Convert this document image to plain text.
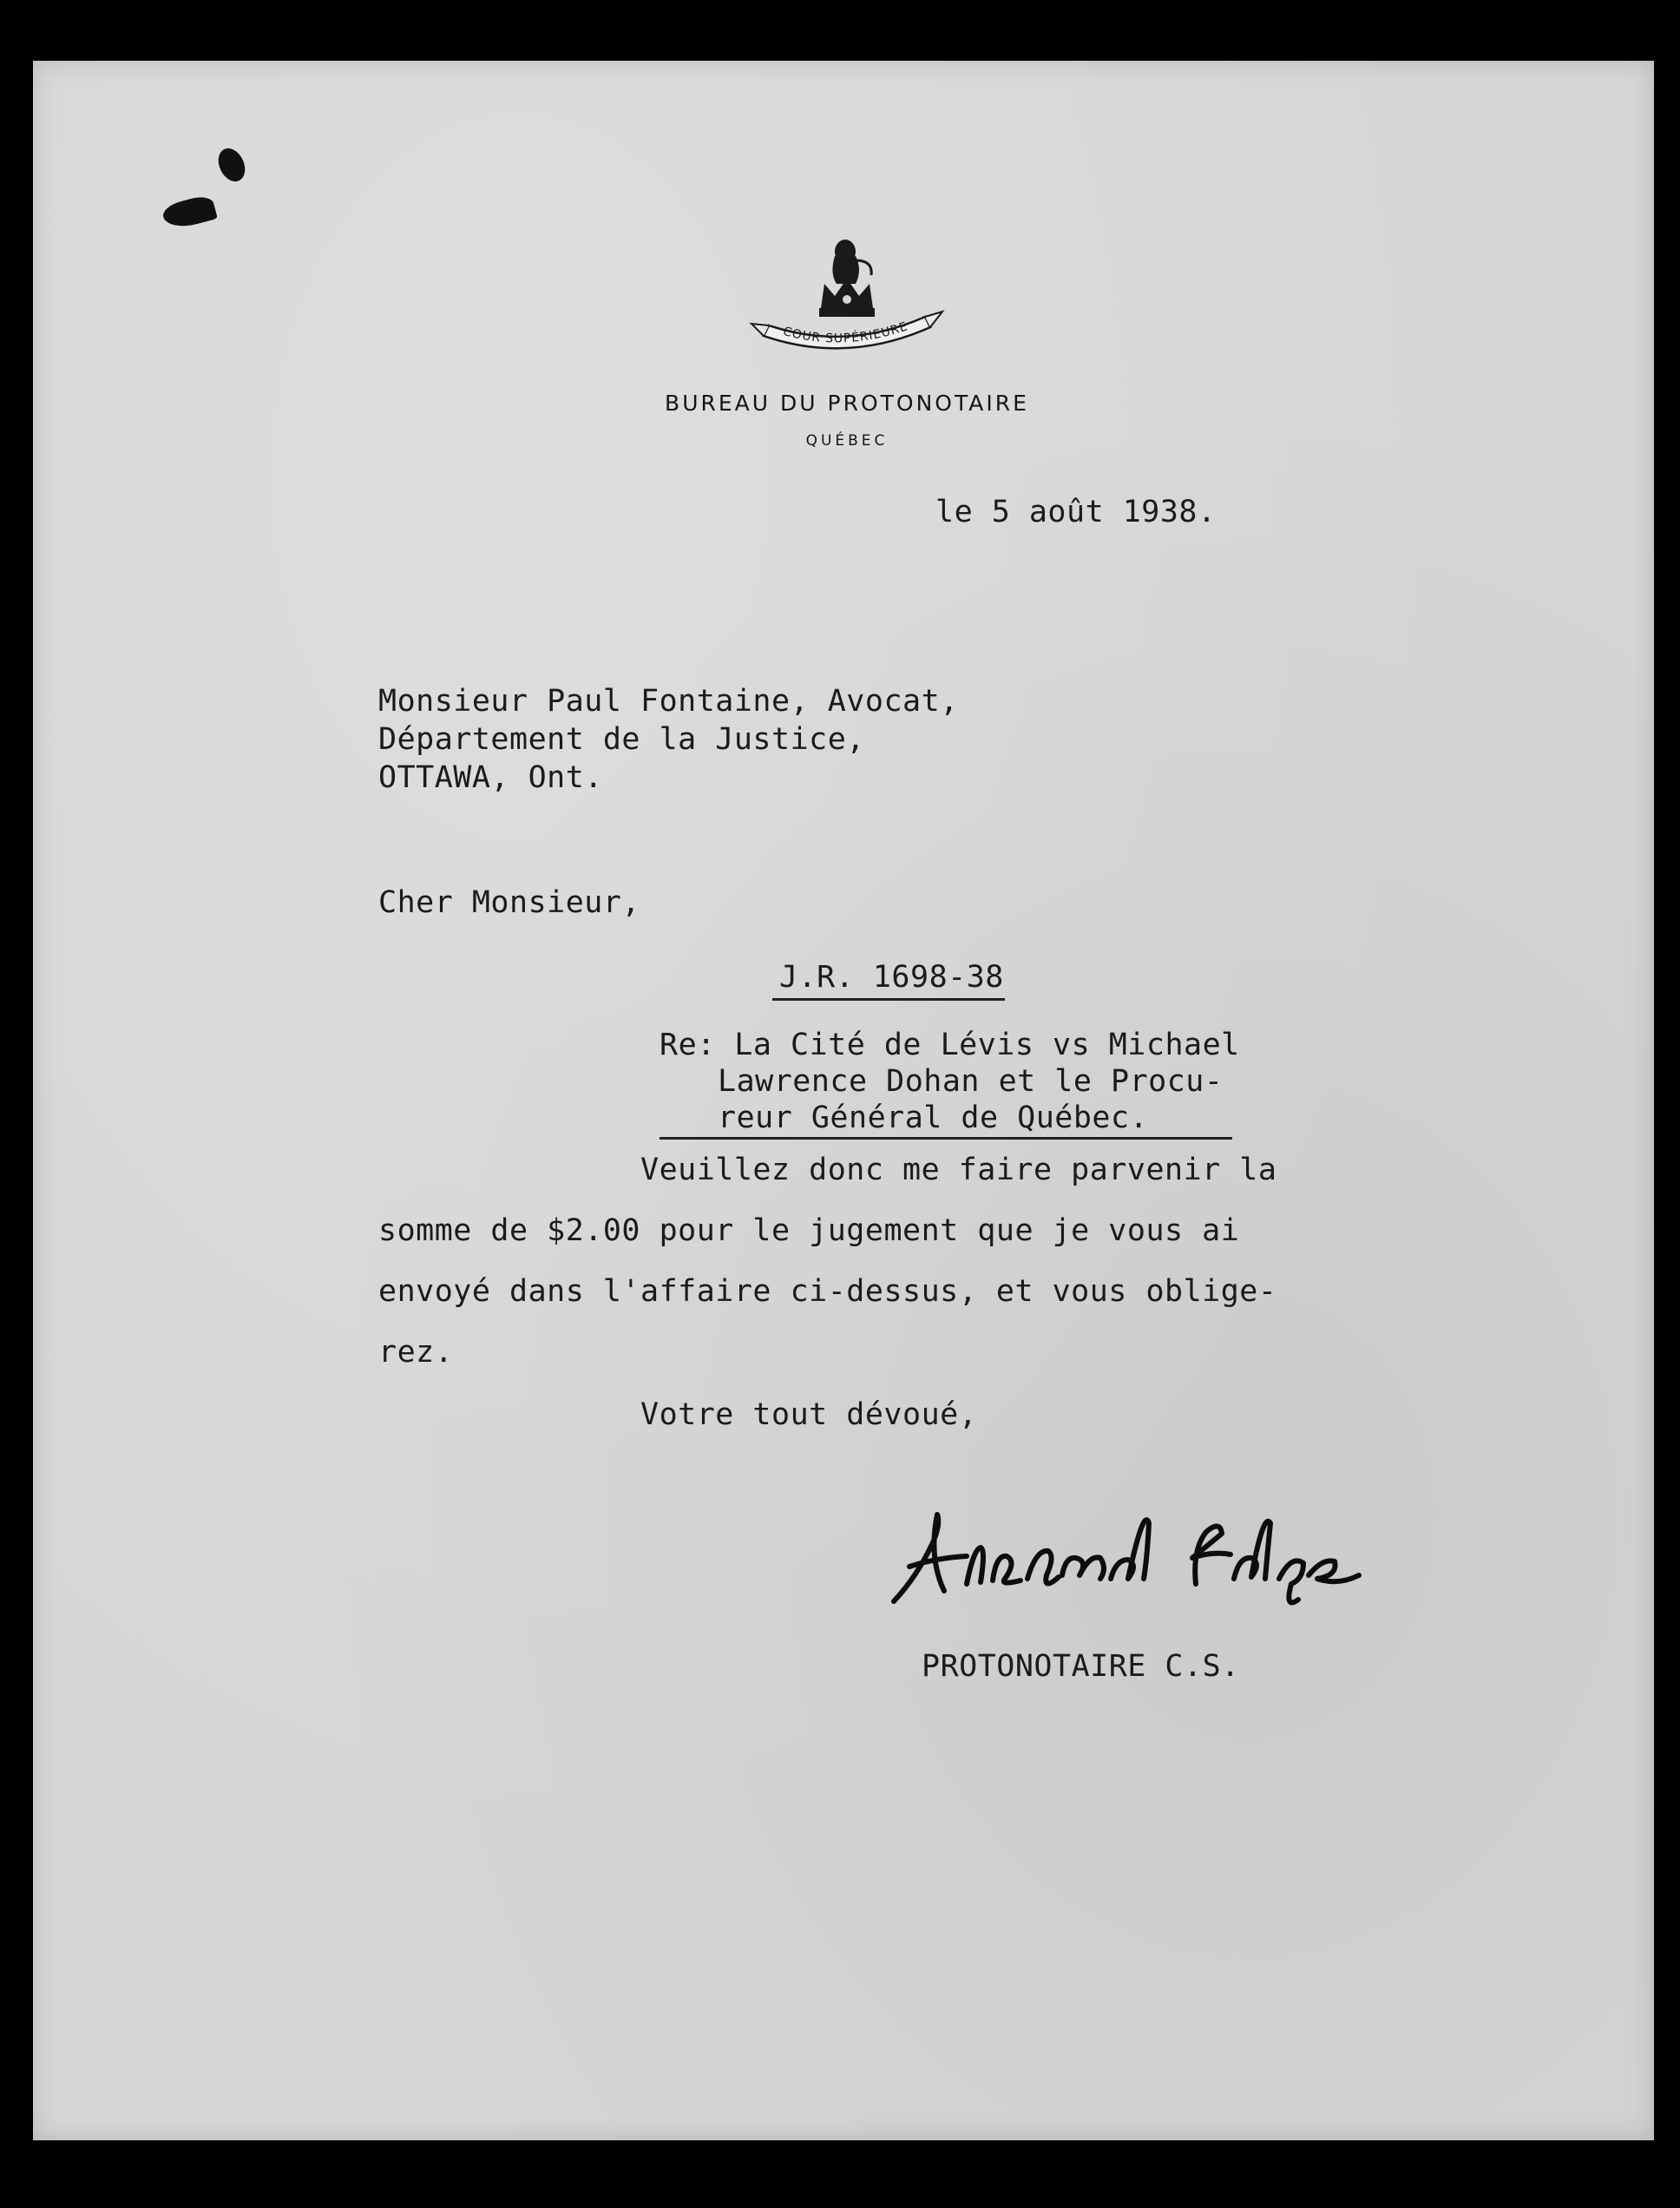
COUR SUPÉRIEURE
BUREAU DU PROTONOTAIRE
QUÉBEC
le 5 août 1938.
Monsieur Paul Fontaine, Avocat,
Département de la Justice,
OTTAWA, Ont.
Cher Monsieur,
J.R. 1698-38
Re: La Cité de Lévis vs Michael
Lawrence Dohan et le Procu-
reur Général de Québec.
Veuillez donc me faire parvenir la
somme de $2.00 pour le jugement que je vous ai
envoyé dans l'affaire ci-dessus, et vous oblige-
rez.
Votre tout dévoué,
PROTONOTAIRE C.S.
